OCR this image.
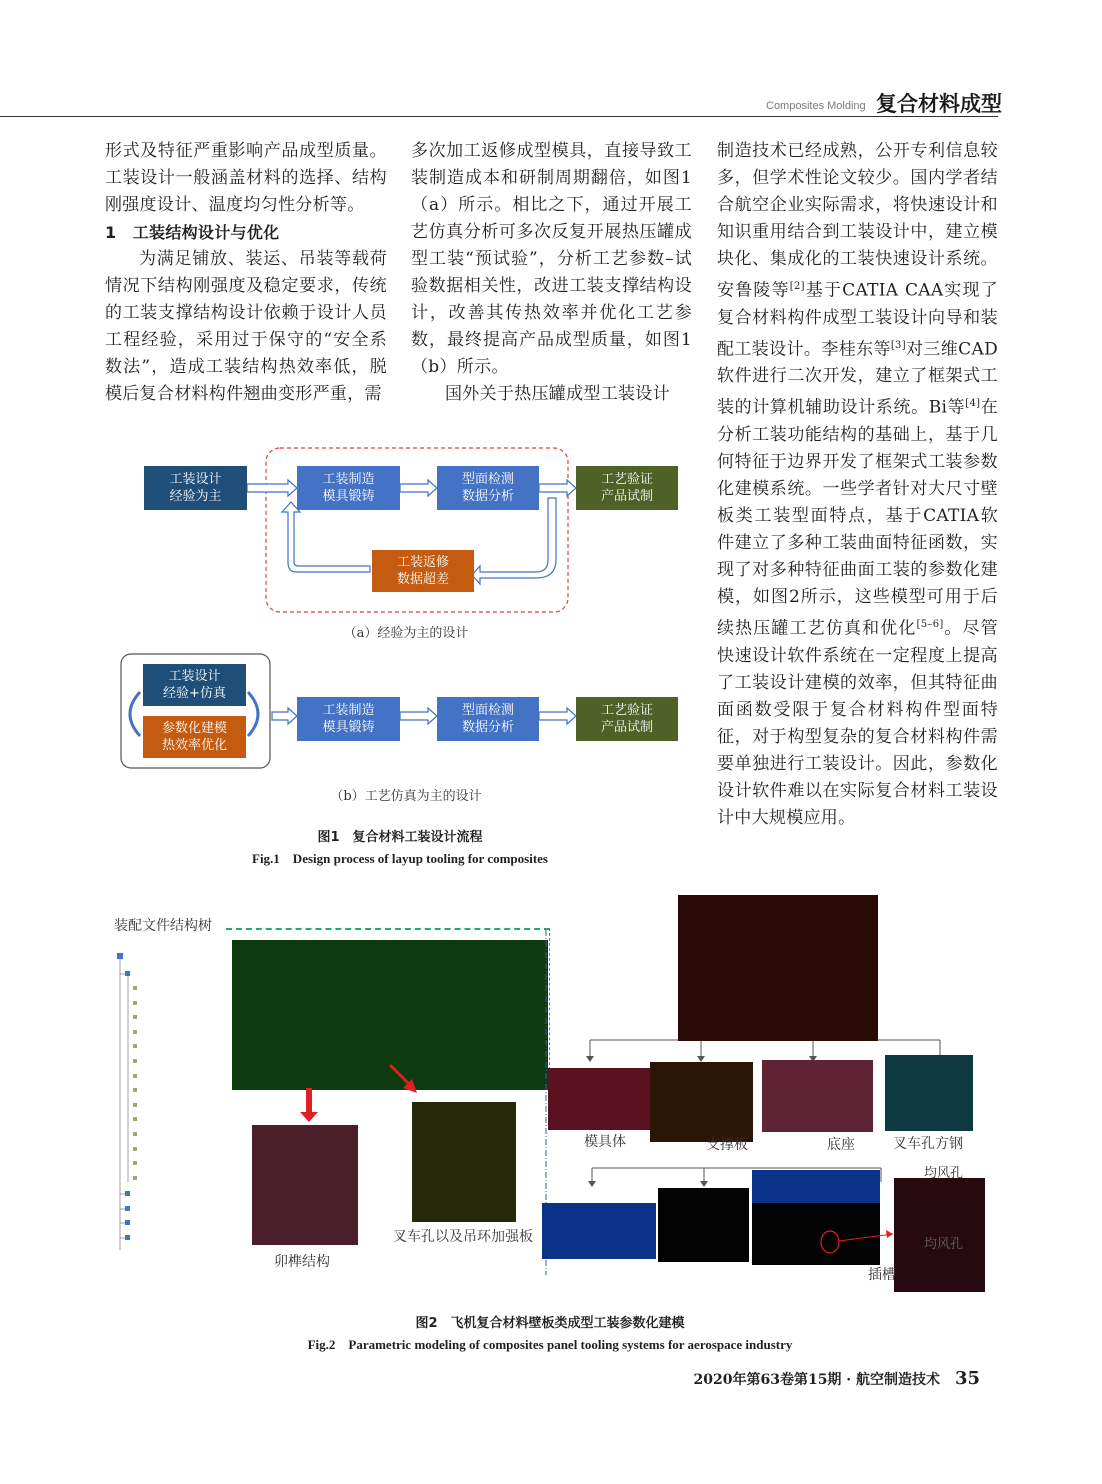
Composites Molding 复合材料成型

形式及特征严重影响产品成型质量。工装设计一般涵盖材料的选择、结构刚强度设计、温度均匀性分析等。

1　工装结构设计与优化

为满足铺放、装运、吊装等载荷情况下结构刚强度及稳定要求，传统的工装支撑结构设计依赖于设计人员工程经验，采用过于保守的“安全系数法”，造成工装结构热效率低，脱模后复合材料构件翘曲变形严重，需

多次加工返修成型模具，直接导致工装制造成本和研制周期翻倍，如图1（a）所示。相比之下，通过开展工艺仿真分析可多次反复开展热压罐成型工装“预试验”，分析工艺参数–试验数据相关性，改进工装支撑结构设计，改善其传热效率并优化工艺参数，最终提高产品成型质量，如图1（b）所示。

国外关于热压罐成型工装设计

制造技术已经成熟，公开专利信息较多，但学术性论文较少。国内学者结合航空企业实际需求，将快速设计和知识重用结合到工装设计中，建立模块化、集成化的工装快速设计系统。安鲁陵等[2]基于CATIA CAA实现了复合材料构件成型工装设计向导和装配工装设计。李桂东等[3]对三维CAD软件进行二次开发，建立了框架式工装的计算机辅助设计系统。Bi等[4]在分析工装功能结构的基础上，基于几何特征于边界开发了框架式工装参数化建模系统。一些学者针对大尺寸壁板类工装型面特点，基于CATIA软件建立了多种工装曲面特征函数，实现了对多种特征曲面工装的参数化建模，如图2所示，这些模型可用于后续热压罐工艺仿真和优化[5–6]。尽管快速设计软件系统在一定程度上提高了工装设计建模的效率，但其特征曲面函数受限于复合材料构件型面特征，对于构型复杂的复合材料构件需要单独进行工装设计。因此，参数化设计软件难以在实际复合材料工装设计中大规模应用。

工装设计
经验为主
工装制造
模具锻铸
型面检测
数据分析
工艺验证
产品试制
工装返修
数据超差
（a）经验为主的设计
工装设计
经验+仿真
参数化建模
热效率优化
工装制造
模具锻铸
型面检测
数据分析
工艺验证
产品试制
（b）工艺仿真为主的设计
图1　复合材料工装设计流程
Fig.1　Design process of layup tooling for composites
装配文件结构树
卯榫结构
叉车孔以及吊环加强板
模具体	支撑板	底座	叉车孔方钢
均风孔
均风孔
插槽
图2　飞机复合材料壁板类成型工装参数化建模
Fig.2　Parametric modeling of composites panel tooling systems for aerospace industry
2020年第63卷第15期 · 航空制造技术 35
